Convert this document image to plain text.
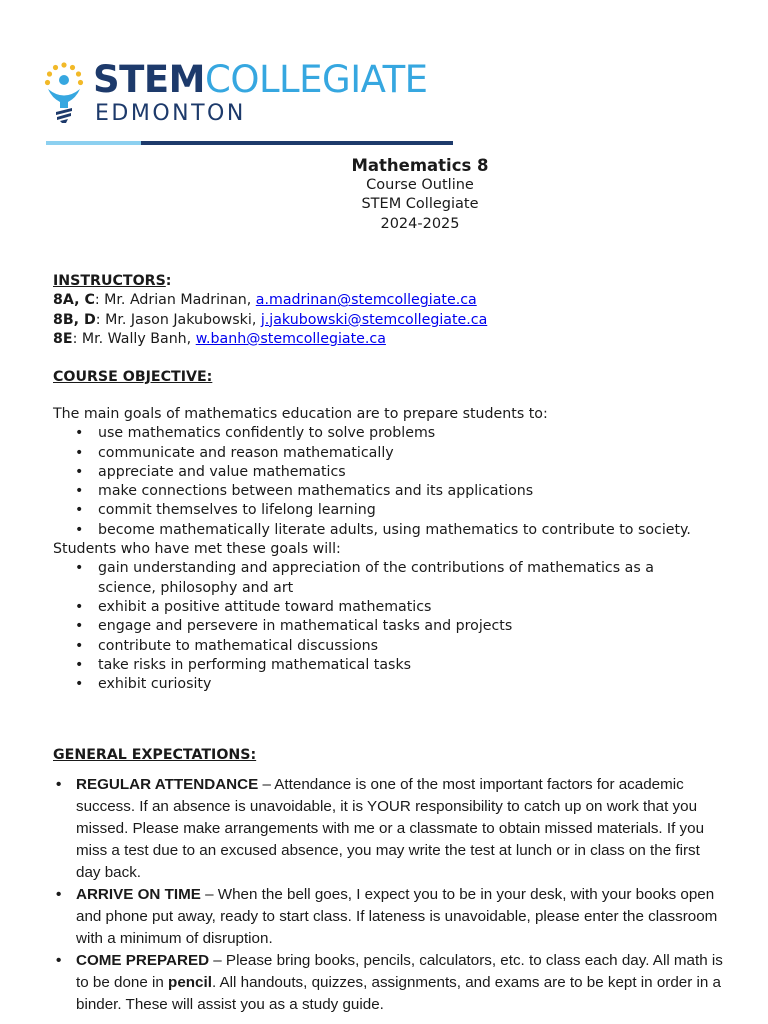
STEMCOLLEGIATE
EDMONTON
Mathematics 8
Course Outline
STEM Collegiate
2024-2025
INSTRUCTORS:
8A, C: Mr. Adrian Madrinan, a.madrinan@stemcollegiate.ca
8B, D: Mr. Jason Jakubowski, j.jakubowski@stemcollegiate.ca
8E: Mr. Wally Banh, w.banh@stemcollegiate.ca
COURSE OBJECTIVE:
The main goals of mathematics education are to prepare students to:
• use mathematics confidently to solve problems
• communicate and reason mathematically
• appreciate and value mathematics
• make connections between mathematics and its applications
• commit themselves to lifelong learning
• become mathematically literate adults, using mathematics to contribute to society.
Students who have met these goals will:
• gain understanding and appreciation of the contributions of mathematics as a science, philosophy and art
• exhibit a positive attitude toward mathematics
• engage and persevere in mathematical tasks and projects
• contribute to mathematical discussions
• take risks in performing mathematical tasks
• exhibit curiosity
GENERAL EXPECTATIONS:
• REGULAR ATTENDANCE – Attendance is one of the most important factors for academic success. If an absence is unavoidable, it is YOUR responsibility to catch up on work that you missed. Please make arrangements with me or a classmate to obtain missed materials. If you miss a test due to an excused absence, you may write the test at lunch or in class on the first day back.
• ARRIVE ON TIME – When the bell goes, I expect you to be in your desk, with your books open and phone put away, ready to start class. If lateness is unavoidable, please enter the classroom with a minimum of disruption.
• COME PREPARED – Please bring books, pencils, calculators, etc. to class each day. All math is to be done in pencil. All handouts, quizzes, assignments, and exams are to be kept in order in a binder. These will assist you as a study guide.
